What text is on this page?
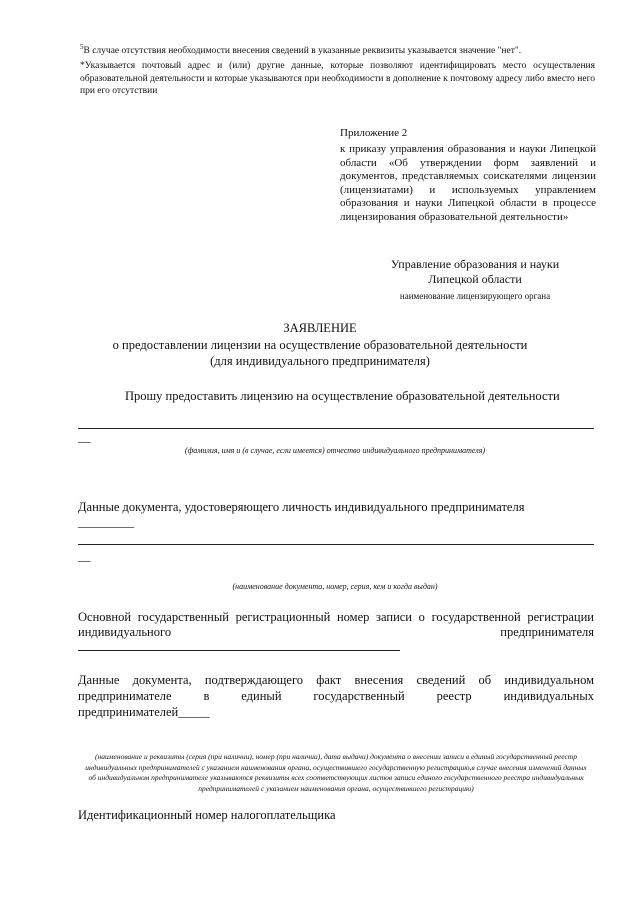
$^5$В случае отсутствия необходимости внесения сведений в указанные реквизиты указывается значение "нет".
*Указывается почтовый адрес и (или) другие данные, которые позволяют идентифицировать место осуществления образовательной деятельности и которые указываются при необходимости в дополнение к почтовому адресу либо вместо него при его отсутствии
Приложение 2
к приказу управления образования и науки Липецкой области «Об утверждении форм заявлений и документов, представляемых соискателями лицензии (лицензиатами) и используемых управлением образования и науки Липецкой области в процессе лицензирования образовательной деятельности»
Управление образования и науки
Липецкой области
наименование лицензирующего органа
ЗАЯВЛЕНИЕ
о предоставлении лицензии на осуществление образовательной деятельности
(для индивидуального предпринимателя)
Прошу предоставить лицензию на осуществление образовательной деятельности
__
(фамилия, имя и (в случае, если имеется) отчество индивидуального предпринимателя)
Данные документа, удостоверяющего личность индивидуального предпринимателя
_________
__
(наименование документа, номер, серия, кем и когда выдан)
Основной государственный регистрационный номер записи о государственной регистрации
индивидуального предпринимателя
Данные документа, подтверждающего факт внесения сведений об индивидуальном
предпринимателе в единый государственный реестр индивидуальных
предпринимателей_____
(наименование и реквизиты (серия (при наличии), номер (при наличии), дата выдачи) документа о внесении записи в единый государственный реестр индивидуальных предпринимателей с указанием наименования органа, осуществившего государственную регистрацию,в случае внесения изменений данных об индивидуальном предпринимателе указываются реквизиты всех соответствующих листов записи единого государственного реестра индивидуальных предпринимателей с указанием наименования органа, осуществившего регистрацию)
Идентификационный номер налогоплательщика
